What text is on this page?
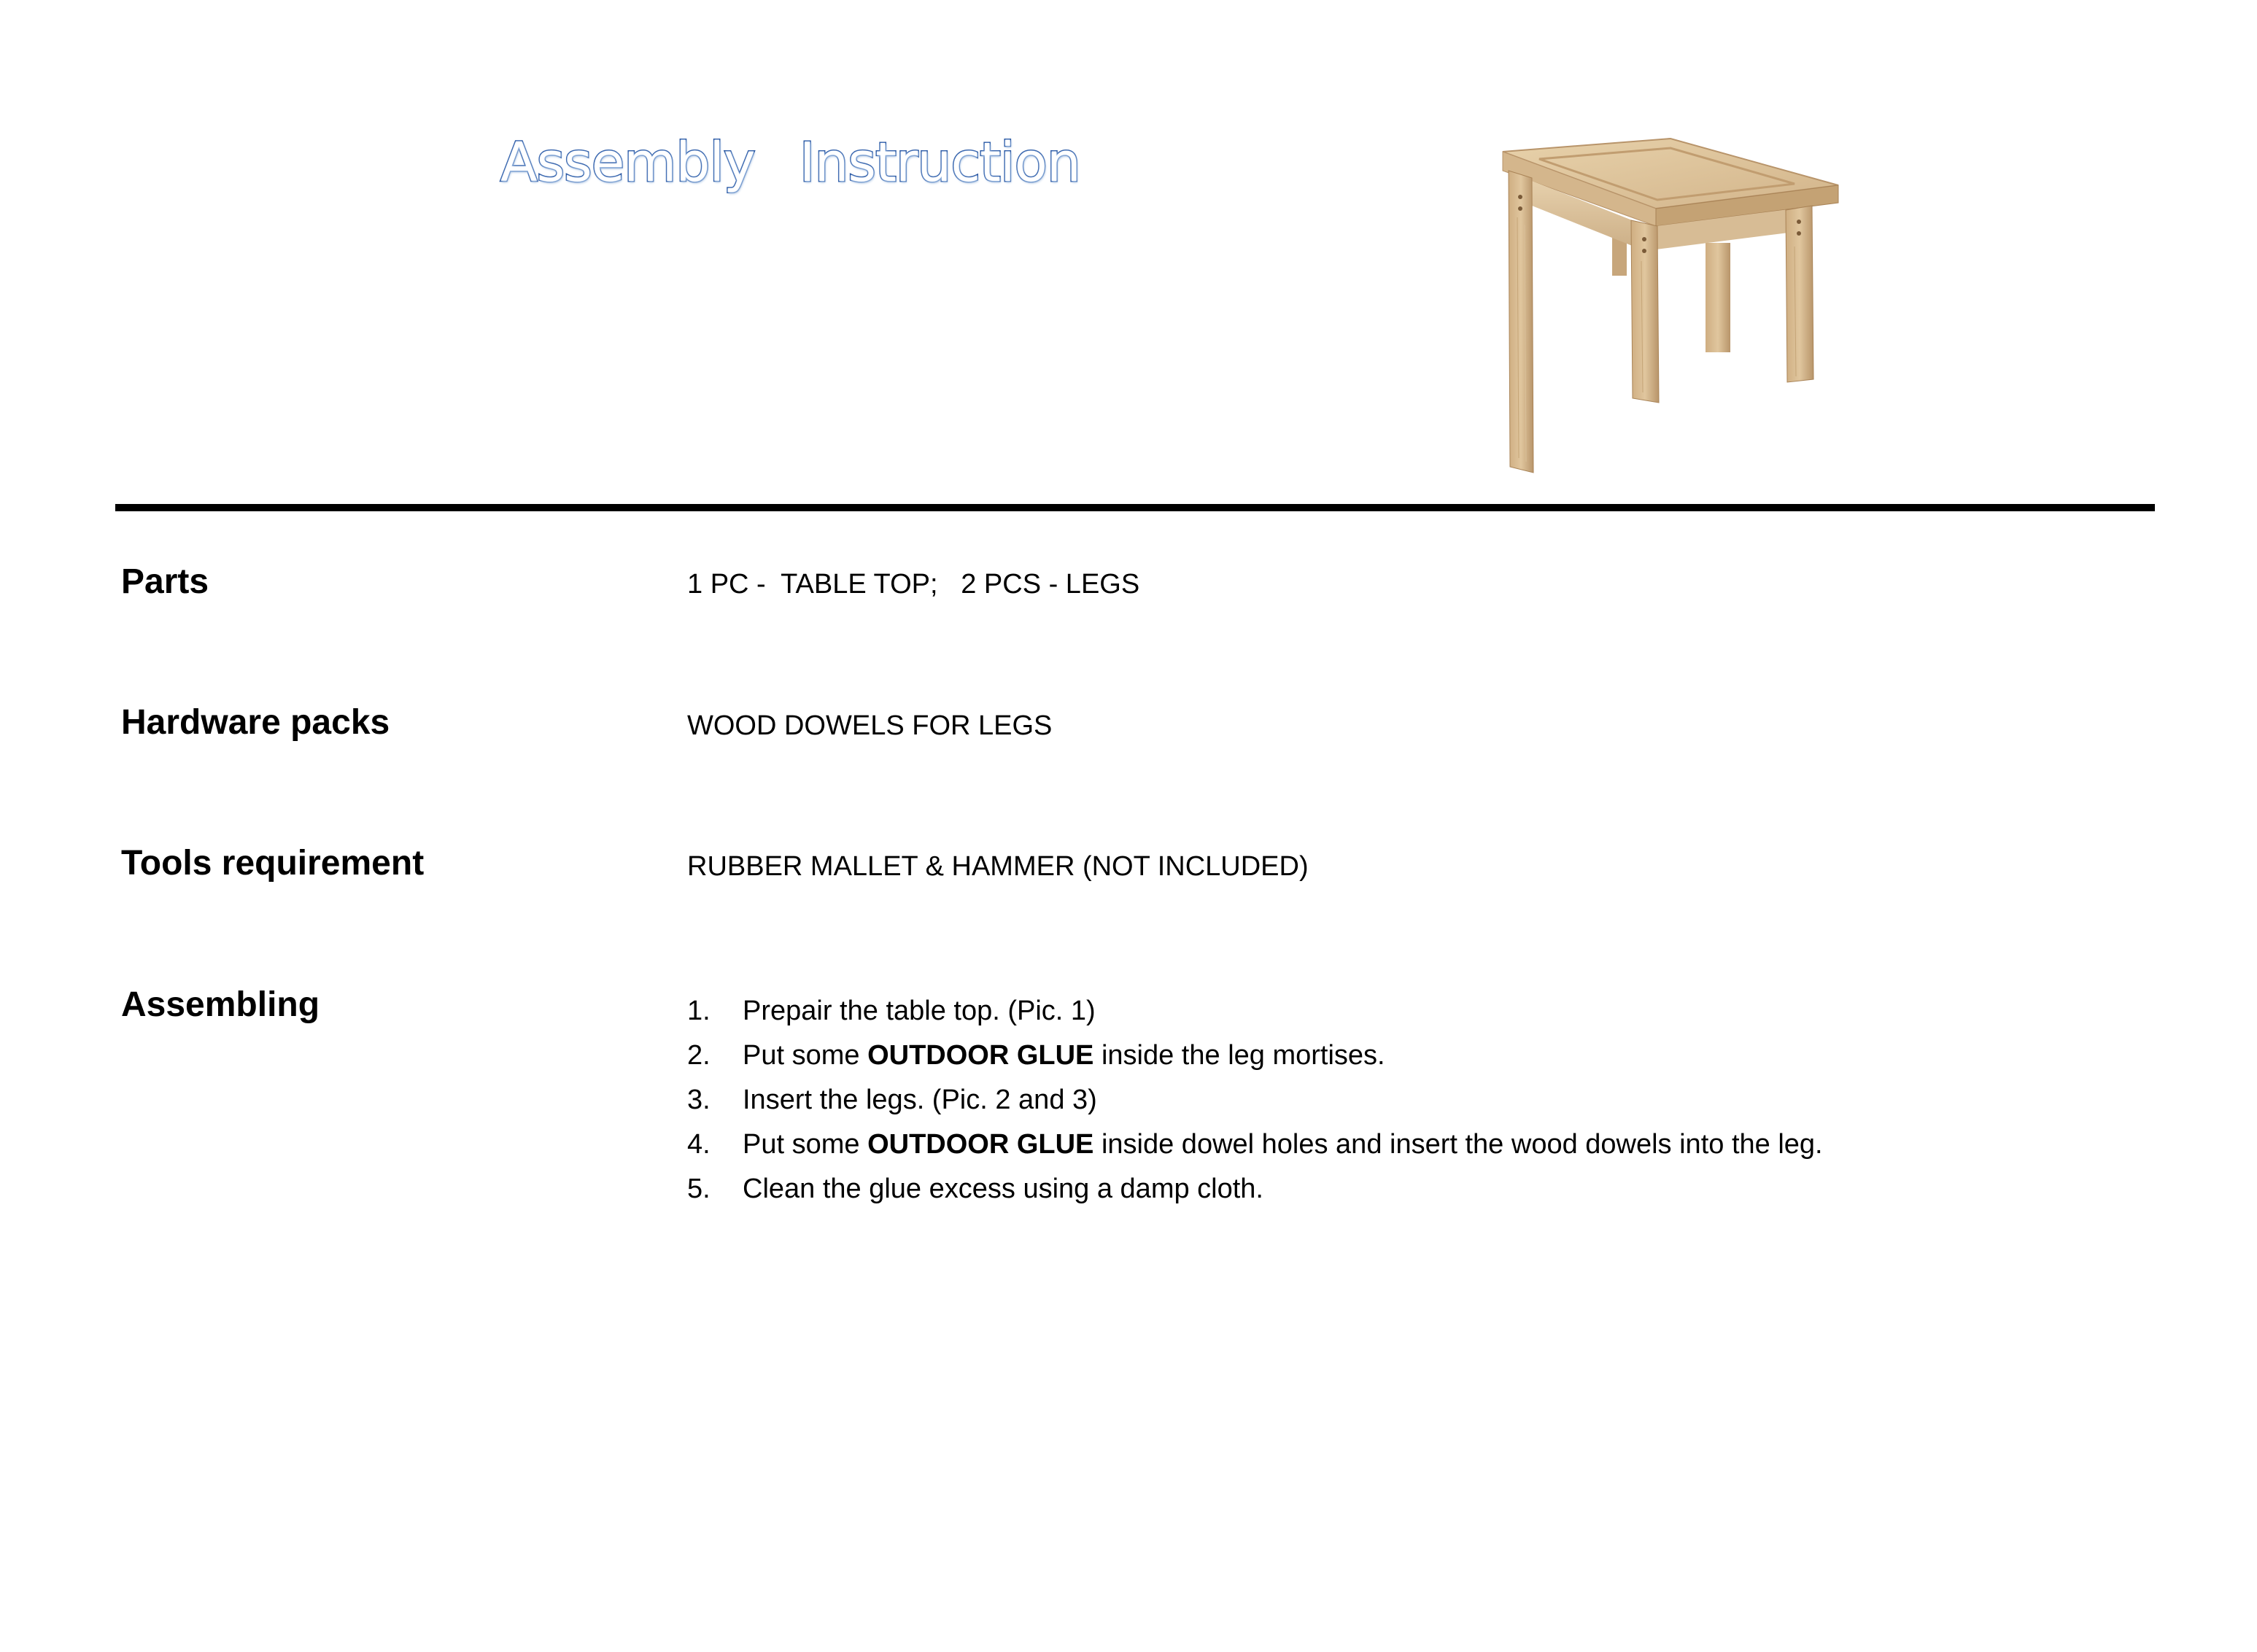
Assembly  Instruction
Parts	1 PC -  TABLE TOP;   2 PCS - LEGS

Hardware packs	WOOD DOWELS FOR LEGS

Tools requirement	RUBBER MALLET & HAMMER (NOT INCLUDED)

Assembling	1.	Prepair the table top. (Pic. 1)
2.	Put some OUTDOOR GLUE inside the leg mortises.
3.	Insert the legs. (Pic. 2 and 3)
4.	Put some OUTDOOR GLUE inside dowel holes and insert the wood dowels into the leg.
5.	Clean the glue excess using a damp cloth.
